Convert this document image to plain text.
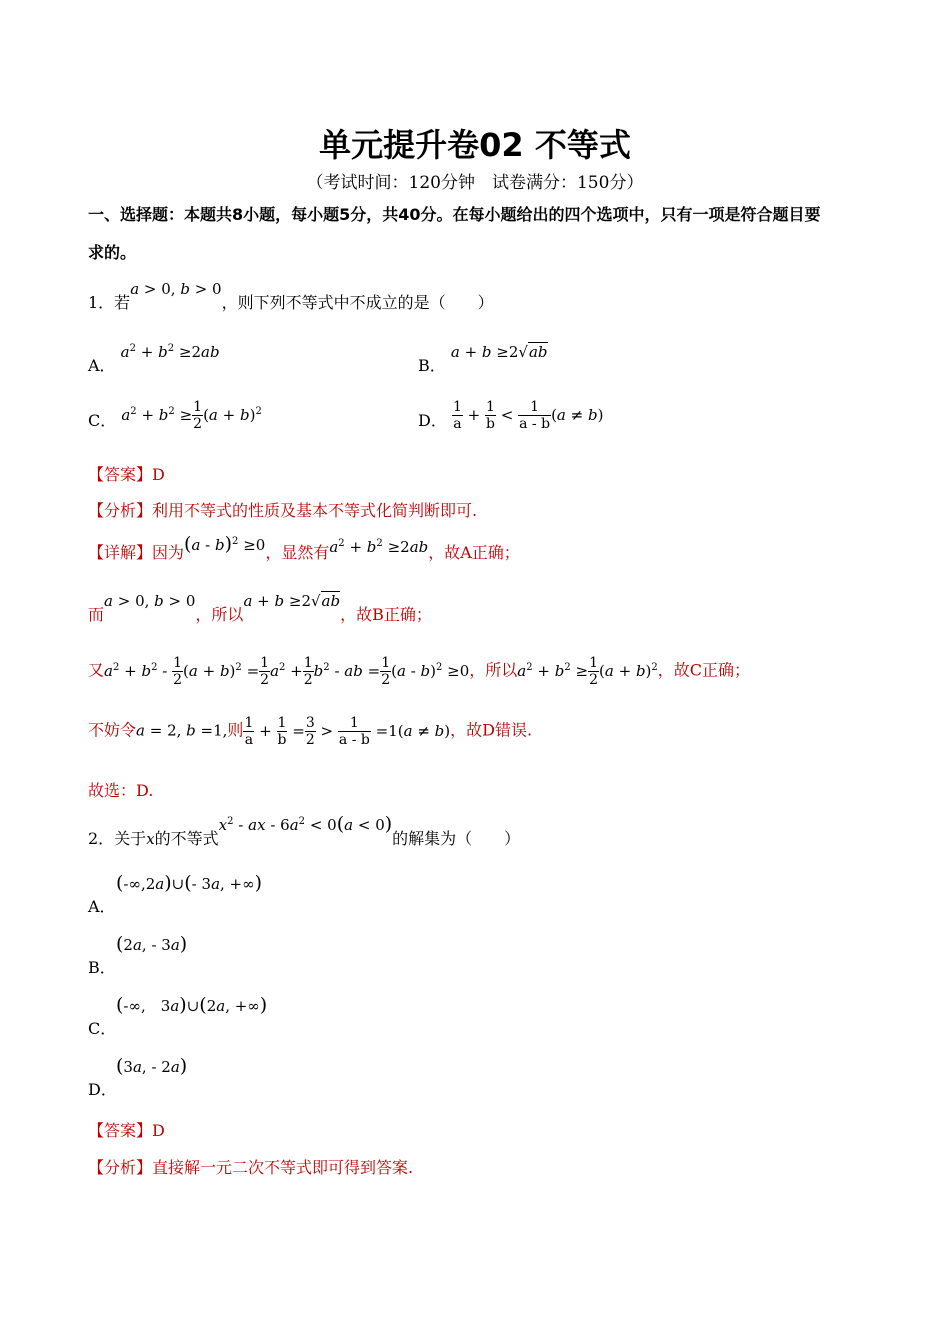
单元提升卷02 不等式
（考试时间：120分钟　试卷满分：150分）
一、选择题：本题共8小题，每小题5分，共40分。在每小题给出的四个选项中，只有一项是符合题目要
求的。
1．若a > 0, b > 0，则下列不等式中不成立的是（　　）
A． $a^2 + b^2 \ge 2ab$
B． a + b ≥2√ab
C． $a^2 + b^2 \ge \frac{1}{2} (a + b)^2$	D． $\frac{1}{a} + \frac{1}{b} < \frac{1}{a - b} (a \ne b)$
【答案】D
【分析】利用不等式的性质及基本不等式化简判断即可.
【详解】因为(a - b)$^2$ ≥0，显然有$a^2 + b^2 \ge 2ab$，故A正确；
而a > 0, b > 0，所以a + b ≥2√ab，故B正确；
又$a^2 + b^2 - \frac{1}{2} (a + b)^2 = \frac{1}{2} a^2 + \frac{1}{2} b^2$ - ab = $\frac{1}{2} (a - b)^2 \ge 0$，所以$a^2 + b^2 \ge \frac{1}{2} (a + b)^2$，故C正确；
不妨令a = 2, b =1,则 $\frac{1}{a} + \frac{1}{b} = \frac{3}{2} > \frac{1}{a - b} =1(a \ne b)$，故D错误.
故选：D.
2．关于x的不等式$x^2$ - ax - $6a^2 < 0(a < 0)$的解集为（　　）
(-∞,2a)∪(- 3a, +∞)
A．
(2a, - 3a)
B．
(-∞,　3a)∪(2a, +∞)
C．
(3a, - 2a)
D．
【答案】D
【分析】直接解一元二次不等式即可得到答案.
